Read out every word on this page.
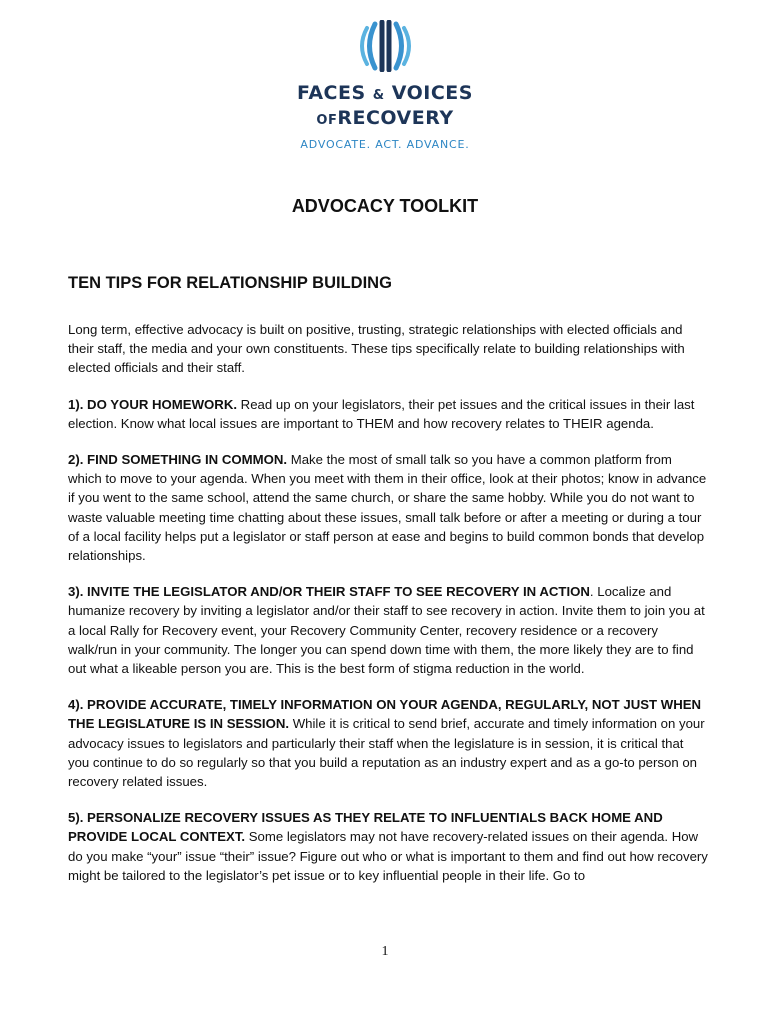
FACES & VOICES
OFRECOVERY
ADVOCATE. ACT. ADVANCE.
ADVOCACY TOOLKIT
TEN TIPS FOR RELATIONSHIP BUILDING

Long term, effective advocacy is built on positive, trusting, strategic relationships with elected officials and their staff, the media and your own constituents. These tips specifically relate to building relationships with elected officials and their staff.

1). DO YOUR HOMEWORK. Read up on your legislators, their pet issues and the critical issues in their last election. Know what local issues are important to THEM and how recovery relates to THEIR agenda.

2). FIND SOMETHING IN COMMON. Make the most of small talk so you have a common platform from which to move to your agenda. When you meet with them in their office, look at their photos; know in advance if you went to the same school, attend the same church, or share the same hobby. While you do not want to waste valuable meeting time chatting about these issues, small talk before or after a meeting or during a tour of a local facility helps put a legislator or staff person at ease and begins to build common bonds that develop relationships.

3). INVITE THE LEGISLATOR AND/OR THEIR STAFF TO SEE RECOVERY IN ACTION. Localize and humanize recovery by inviting a legislator and/or their staff to see recovery in action. Invite them to join you at a local Rally for Recovery event, your Recovery Community Center, recovery residence or a recovery walk/run in your community. The longer you can spend down time with them, the more likely they are to find out what a likeable person you are. This is the best form of stigma reduction in the world.

4). PROVIDE ACCURATE, TIMELY INFORMATION ON YOUR AGENDA, REGULARLY, NOT JUST WHEN THE LEGISLATURE IS IN SESSION. While it is critical to send brief, accurate and timely information on your advocacy issues to legislators and particularly their staff when the legislature is in session, it is critical that you continue to do so regularly so that you build a reputation as an industry expert and as a go-to person on recovery related issues.

5). PERSONALIZE RECOVERY ISSUES AS THEY RELATE TO INFLUENTIALS BACK HOME AND PROVIDE LOCAL CONTEXT. Some legislators may not have recovery-related issues on their agenda. How do you make “your” issue “their” issue? Figure out who or what is important to them and find out how recovery might be tailored to the legislator’s pet issue or to key influential people in their life. Go to

1
